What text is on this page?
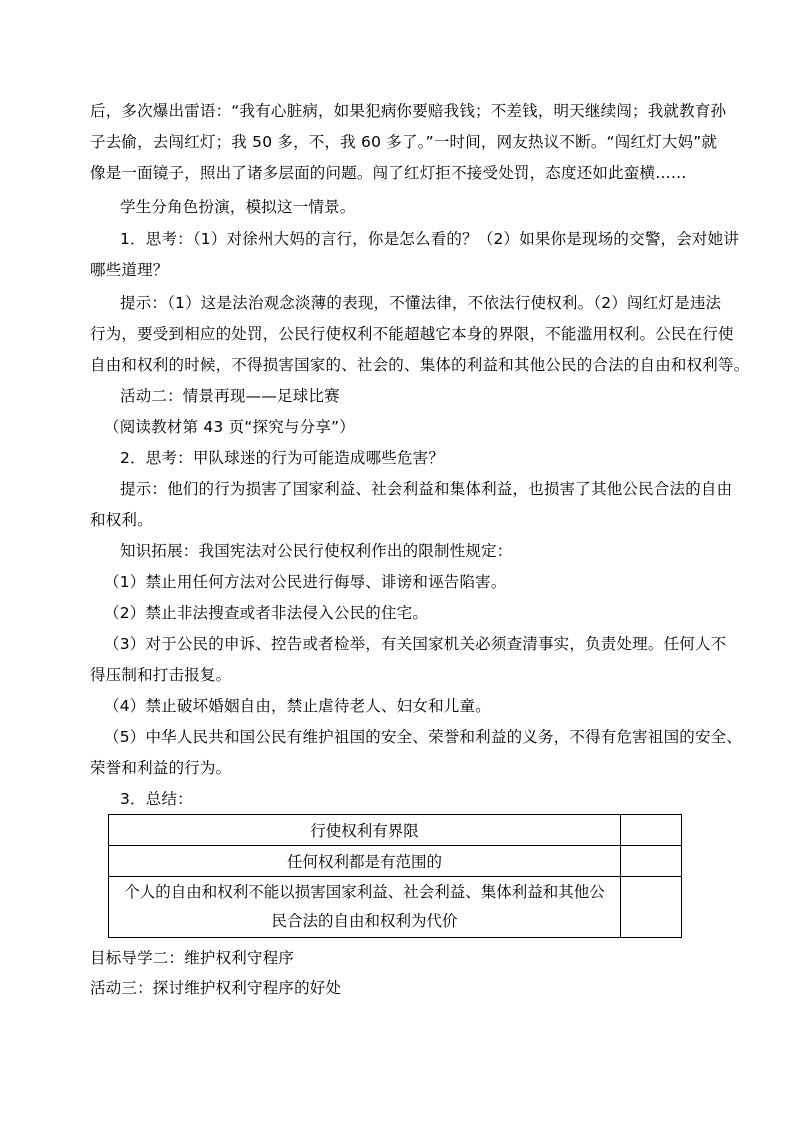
后，多次爆出雷语：“我有心脏病，如果犯病你要赔我钱；不差钱，明天继续闯；我就教育孙
子去偷，去闯红灯；我 50 多，不，我 60 多了。”一时间，网友热议不断。“闯红灯大妈”就
像是一面镜子，照出了诸多层面的问题。闯了红灯拒不接受处罚，态度还如此蛮横……
学生分角色扮演，模拟这一情景。
1．思考：（1）对徐州大妈的言行，你是怎么看的？（2）如果你是现场的交警，会对她讲
哪些道理？
提示：（1）这是法治观念淡薄的表现，不懂法律，不依法行使权利。（2）闯红灯是违法
行为，要受到相应的处罚，公民行使权利不能超越它本身的界限，不能滥用权利。公民在行使
自由和权利的时候，不得损害国家的、社会的、集体的利益和其他公民的合法的自由和权利等。
活动二：情景再现——足球比赛
（阅读教材第 43 页“探究与分享”）
2．思考：甲队球迷的行为可能造成哪些危害？
提示：他们的行为损害了国家利益、社会利益和集体利益，也损害了其他公民合法的自由
和权利。
知识拓展：我国宪法对公民行使权利作出的限制性规定：
（1）禁止用任何方法对公民进行侮辱、诽谤和诬告陷害。
（2）禁止非法搜查或者非法侵入公民的住宅。
（3）对于公民的申诉、控告或者检举，有关国家机关必须查清事实，负责处理。任何人不
得压制和打击报复。
（4）禁止破坏婚姻自由，禁止虐待老人、妇女和儿童。
（5）中华人民共和国公民有维护祖国的安全、荣誉和利益的义务，不得有危害祖国的安全、
荣誉和利益的行为。
3．总结：
行使权利有界限	
任何权利都是有范围的	

个人的自由和权利不能以损害国家利益、社会利益、集体利益和其他公
民合法的自由和权利为代价	

目标导学二：维护权利守程序
活动三：探讨维护权利守程序的好处
